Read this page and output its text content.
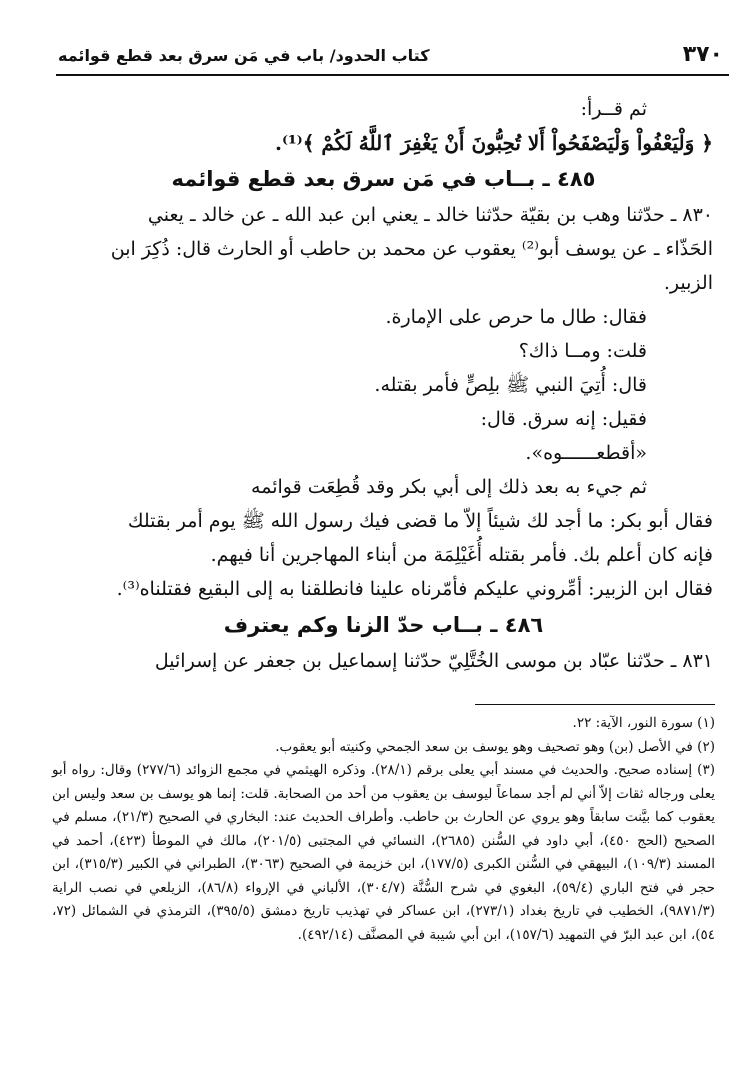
٣٧٠
كتاب الحدود/ باب في مَن سرق بعد قطع قوائمه
ثم قــرأ:
﴿ وَلْيَعْفُواْ وَلْيَصْفَحُواْ أَلا تُحِبُّونَ أَنْ يَغْفِرَ ٱللَّهُ لَكُمْ ﴾⁽¹⁾.
٤٨٥ ـ بــاب في مَن سرق بعد قطع قوائمه
٨٣٠ ـ حدّثنا وهب بن بقيّة حدّثنا خالد ـ يعني ابن عبد الله ـ عن خالد ـ يعني
الحَذّاء ـ عن يوسف أبو⁽²⁾ يعقوب عن محمد بن حاطب أو الحارث قال: ذُكِرَ ابن
الزبير.
فقال: طال ما حرص على الإمارة.
قلت: ومــا ذاك؟
قال: أُتِيَ النبي ﷺ بلِصٍّ فأمر بقتله.
فقيل: إنه سرق. قال:
«أقطعــــــوه».
ثم جيء به بعد ذلك إلى أبي بكر وقد قُطِعَت قوائمه
فقال أبو بكر: ما أجد لك شيئاً إلاّ ما قضى فيك رسول الله ﷺ يوم أمر بقتلك
فإنه كان أعلم بك. فأمر بقتله أُغَيْلِمَة من أبناء المهاجرين أنا فيهم.
فقال ابن الزبير: أمِّروني عليكم فأمّرناه علينا فانطلقنا به إلى البقيع فقتلناه⁽³⁾.
٤٨٦ ـ بــاب حدّ الزنا وكم يعترف
٨٣١ ـ حدّثنا عبّاد بن موسى الخُتَّلِيّ حدّثنا إسماعيل بن جعفر عن إسرائيل
(١) سورة النور، الآية: ٢٢.
(٢) في الأصل (بن) وهو تصحيف وهو يوسف بن سعد الجمحي وكنيته أبو يعقوب.
(٣) إسناده صحيح. والحديث في مسند أبي يعلى برقم (٢٨/١). وذكره الهيثمي في مجمع الزوائد (٢٧٧/٦) وقال: رواه أبو يعلى ورجاله ثقات إلاّ أني لم أجد سماعاً ليوسف بن يعقوب من أحد من الصحابة. قلت: إنما هو يوسف بن سعد وليس ابن يعقوب كما بيَّنت سابقاً وهو يروي عن الحارث بن حاطب. وأطراف الحديث عند: البخاري في الصحيح (٢١/٣)، مسلم في الصحيح (الحج ٤٥٠)، أبي داود في السُّنن (٢٦٨٥)، النسائي في المجتبى (٢٠١/٥)، مالك في الموطأ (٤٢٣)، أحمد في المسند (١٠٩/٣)، البيهقي في السُّنن الكبرى (١٧٧/٥)، ابن خزيمة في الصحيح (٣٠٦٣)، الطبراني في الكبير (٣١٥/٣)، ابن حجر في فتح الباري (٥٩/٤)، البغوي في شرح السُّنَّة (٣٠٤/٧)، الألباني في الإرواء (٨٦/٨)، الزيلعي في نصب الراية (٩٨٧١/٣)، الخطيب في تاريخ بغداد (٢٧٣/١)، ابن عساكر في تهذيب تاريخ دمشق (٣٩٥/٥)، الترمذي في الشمائل (٧٢، ٥٤)، ابن عبد البرّ في التمهيد (١٥٧/٦)، ابن أبي شيبة في المصنَّف (٤٩٢/١٤).
